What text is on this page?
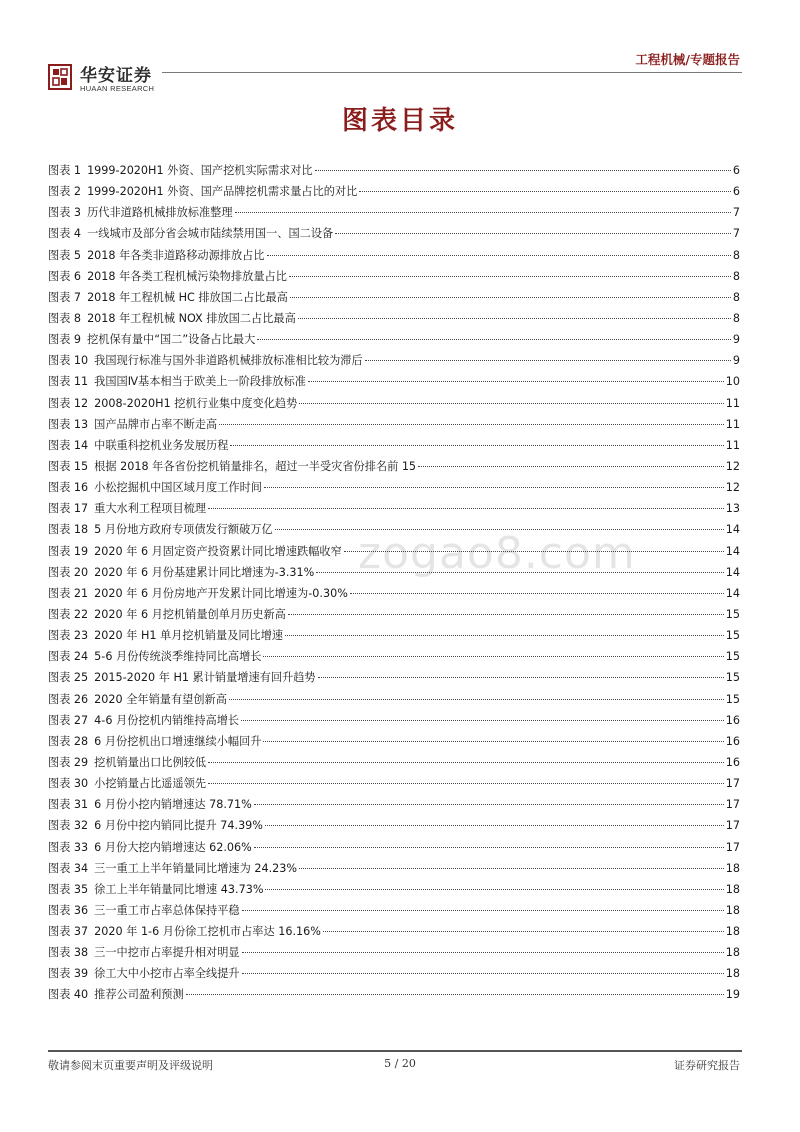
华安证券
HUAAN RESEARCH
工程机械/专题报告
图表目录
zogao8.com
图表 1 1999-2020H1 外资、国产挖机实际需求对比	6
图表 2 1999-2020H1 外资、国产品牌挖机需求量占比的对比	6
图表 3 历代非道路机械排放标准整理	7
图表 4 一线城市及部分省会城市陆续禁用国一、国二设备	7
图表 5 2018 年各类非道路移动源排放占比	8
图表 6 2018 年各类工程机械污染物排放量占比	8
图表 7 2018 年工程机械 HC 排放国二占比最高	8
图表 8 2018 年工程机械 NOX 排放国二占比最高	8
图表 9 挖机保有量中“国二”设备占比最大	9
图表 10 我国现行标准与国外非道路机械排放标准相比较为滞后	9
图表 11 我国国Ⅳ基本相当于欧美上一阶段排放标准	10
图表 12 2008-2020H1 挖机行业集中度变化趋势	11
图表 13 国产品牌市占率不断走高	11
图表 14 中联重科挖机业务发展历程	11
图表 15 根据 2018 年各省份挖机销量排名，超过一半受灾省份排名前 15	12
图表 16 小松挖掘机中国区域月度工作时间	12
图表 17 重大水利工程项目梳理	13
图表 18 5 月份地方政府专项债发行额破万亿	14
图表 19 2020 年 6 月固定资产投资累计同比增速跌幅收窄	14
图表 20 2020 年 6 月份基建累计同比增速为-3.31%	14
图表 21 2020 年 6 月份房地产开发累计同比增速为-0.30%	14
图表 22 2020 年 6 月挖机销量创单月历史新高	15
图表 23 2020 年 H1 单月挖机销量及同比增速	15
图表 24 5-6 月份传统淡季维持同比高增长	15
图表 25 2015-2020 年 H1 累计销量增速有回升趋势	15
图表 26 2020 全年销量有望创新高	15
图表 27 4-6 月份挖机内销维持高增长	16
图表 28 6 月份挖机出口增速继续小幅回升	16
图表 29 挖机销量出口比例较低	16
图表 30 小挖销量占比遥遥领先	17
图表 31 6 月份小挖内销增速达 78.71%	17
图表 32 6 月份中挖内销同比提升 74.39%	17
图表 33 6 月份大挖内销增速达 62.06%	17
图表 34 三一重工上半年销量同比增速为 24.23%	18
图表 35 徐工上半年销量同比增速 43.73%	18
图表 36 三一重工市占率总体保持平稳	18
图表 37 2020 年 1-6 月份徐工挖机市占率达 16.16%	18
图表 38 三一中挖市占率提升相对明显	18
图表 39 徐工大中小挖市占率全线提升	18
图表 40 推荐公司盈利预测	19
敬请参阅末页重要声明及评级说明	5 / 20	证券研究报告
